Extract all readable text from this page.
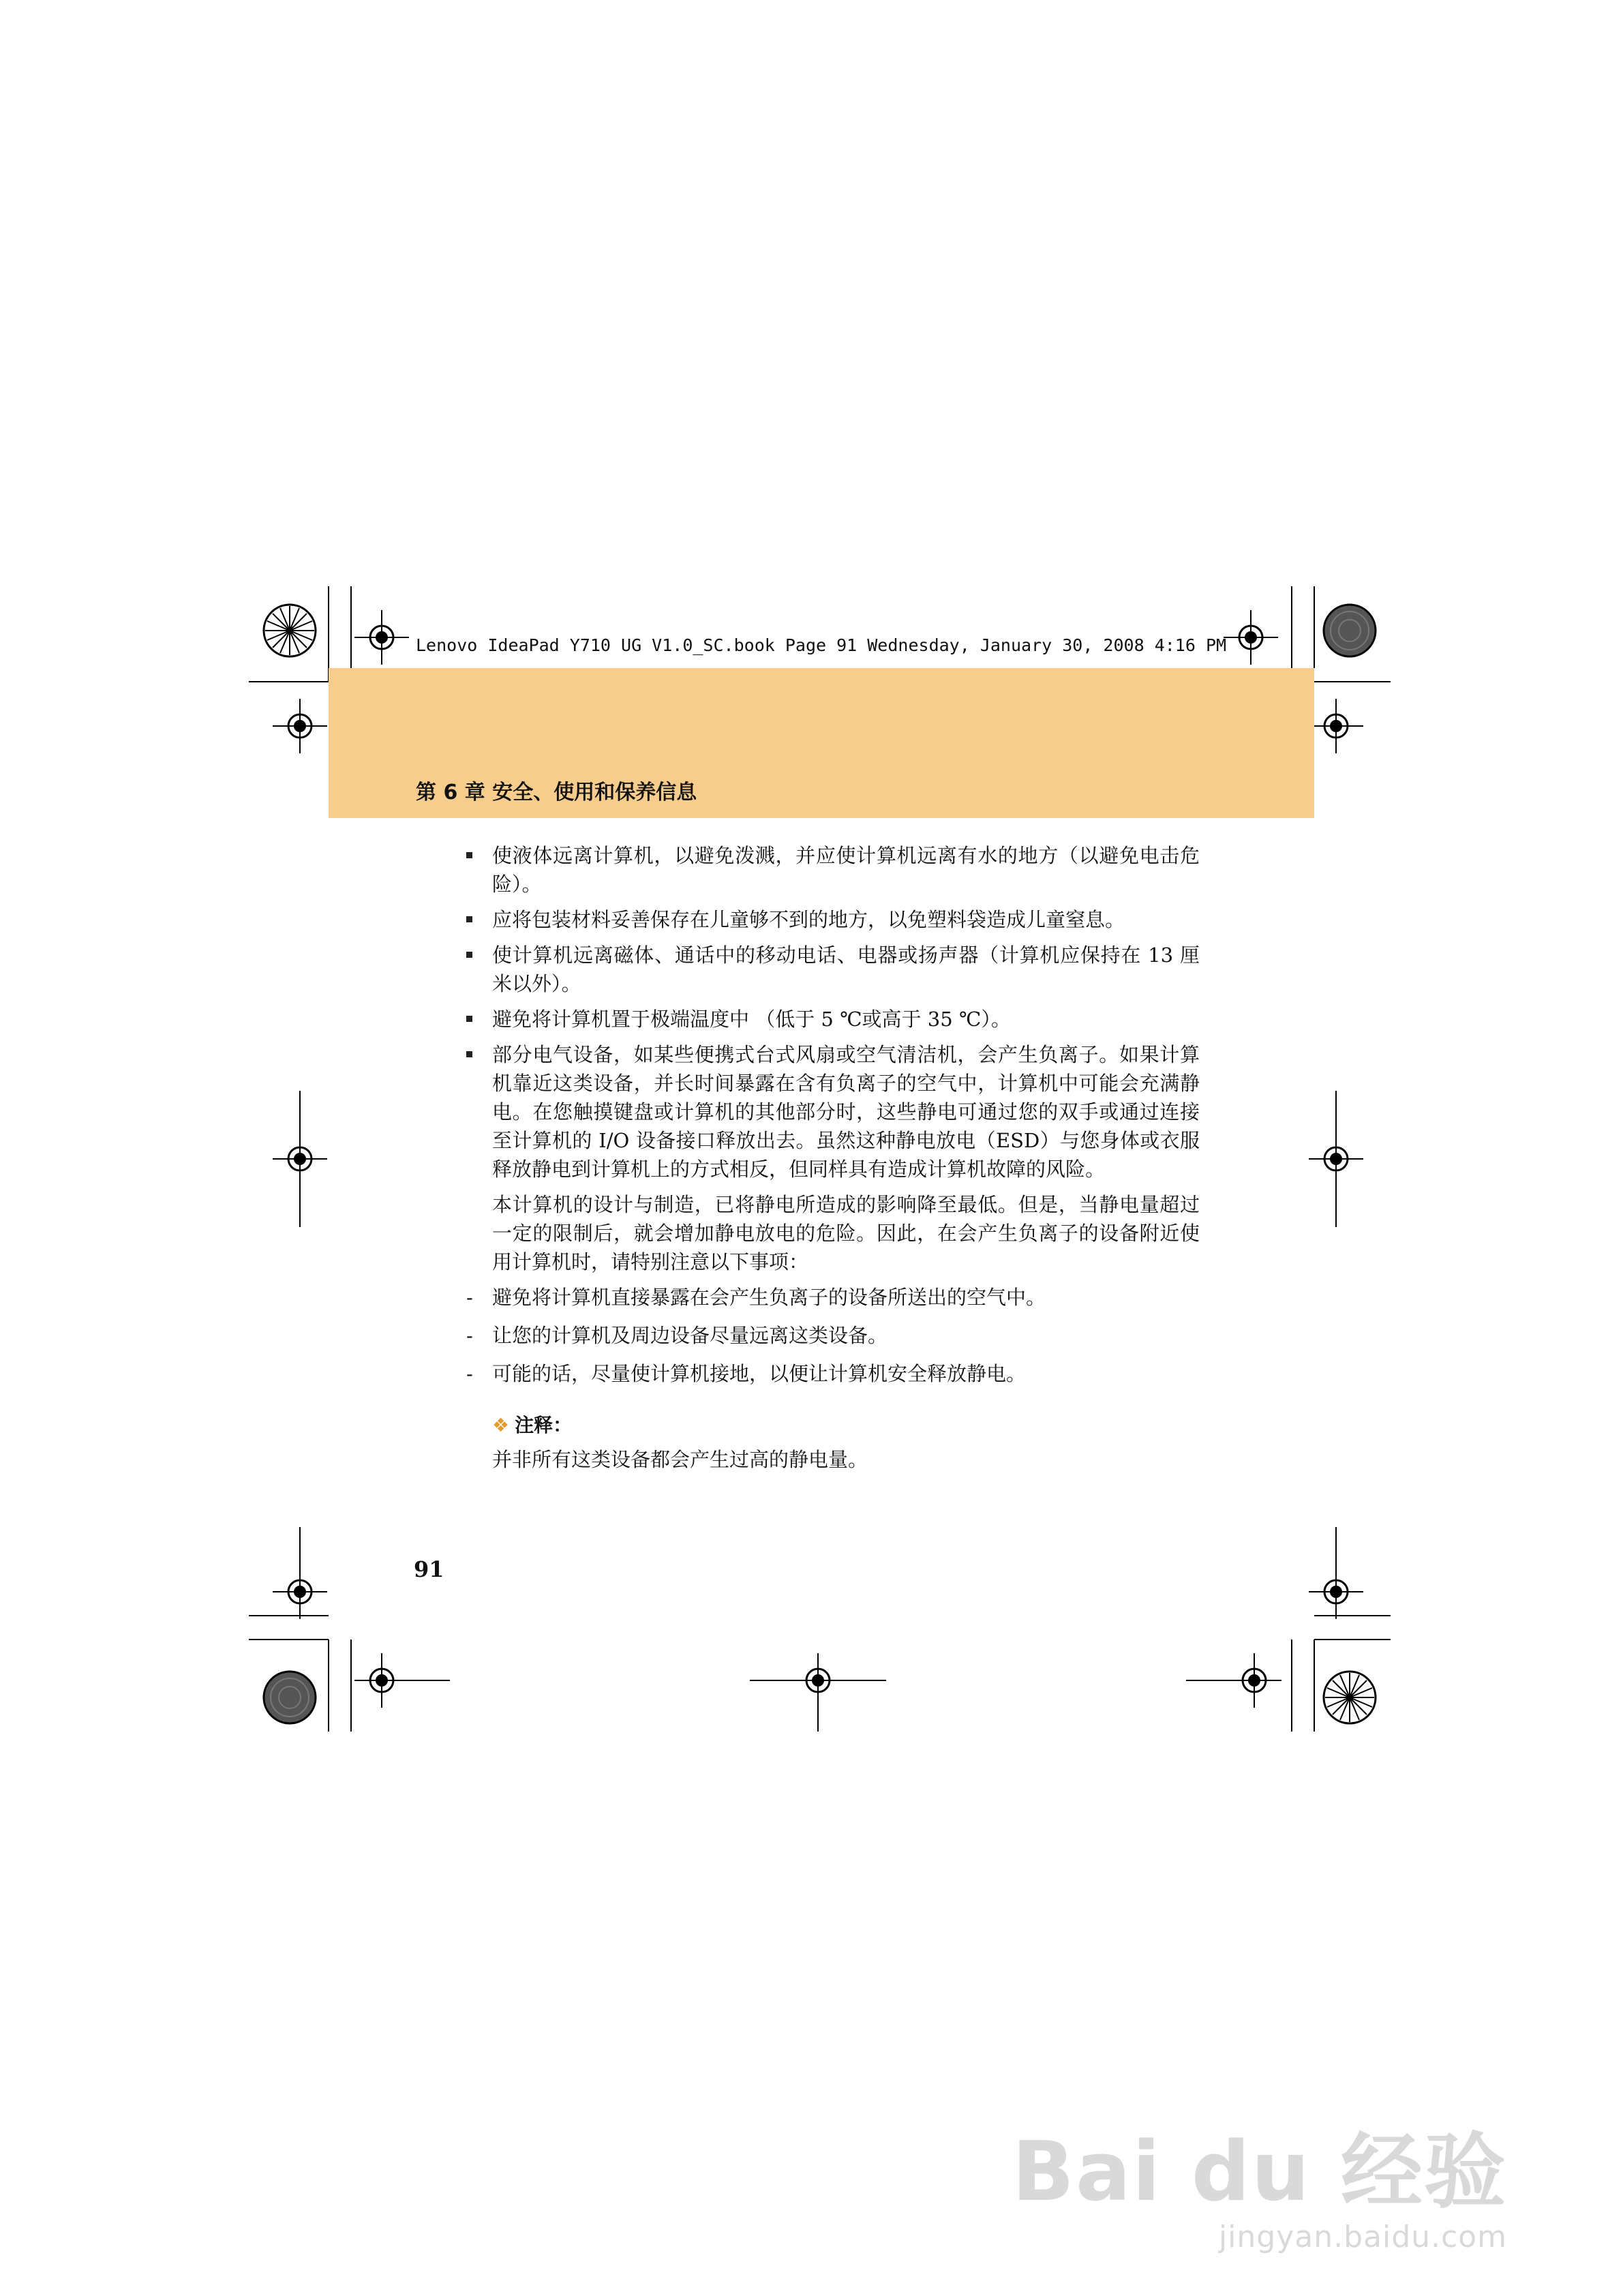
Lenovo IdeaPad Y710 UG V1.0_SC.book Page 91 Wednesday, January 30, 2008 4:16 PM
第 6 章 安全、使用和保养信息
使液体远离计算机，以避免泼溅，并应使计算机远离有水的地方（以避免电击危险）。
应将包装材料妥善保存在儿童够不到的地方，以免塑料袋造成儿童窒息。
使计算机远离磁体、通话中的移动电话、电器或扬声器（计算机应保持在 13 厘米以外）。
避免将计算机置于极端温度中 （低于 5 ℃或高于 35 ℃）。
部分电气设备，如某些便携式台式风扇或空气清洁机，会产生负离子。如果计算机靠近这类设备，并长时间暴露在含有负离子的空气中，计算机中可能会充满静电。在您触摸键盘或计算机的其他部分时，这些静电可通过您的双手或通过连接至计算机的 I/O 设备接口释放出去。虽然这种静电放电（ESD）与您身体或衣服释放静电到计算机上的方式相反，但同样具有造成计算机故障的风险。

本计算机的设计与制造，已将静电所造成的影响降至最低。但是，当静电量超过一定的限制后，就会增加静电放电的危险。因此，在会产生负离子的设备附近使用计算机时，请特别注意以下事项：

- 避免将计算机直接暴露在会产生负离子的设备所送出的空气中。
- 让您的计算机及周边设备尽量远离这类设备。
- 可能的话，尽量使计算机接地，以便让计算机安全释放静电。
❖ 注释：
并非所有这类设备都会产生过高的静电量。
91
Bai du 经验
jingyan.baidu.com
